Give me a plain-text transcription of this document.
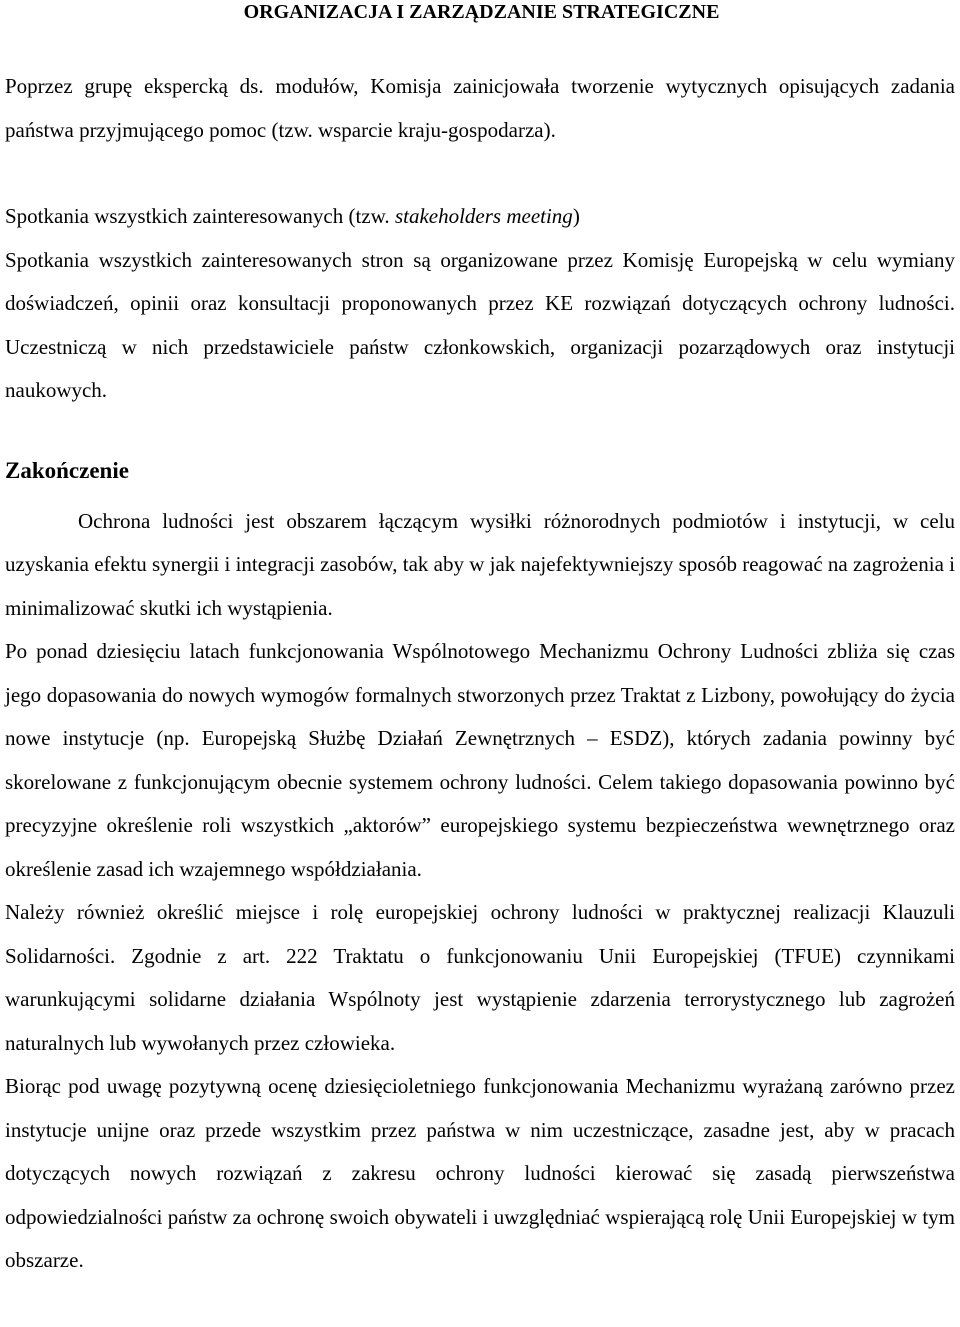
ORGANIZACJA I ZARZĄDZANIE STRATEGICZNE

Poprzez grupę ekspercką ds. modułów, Komisja zainicjowała tworzenie wytycznych opisujących zadania państwa przyjmującego pomoc (tzw. wsparcie kraju-gospodarza).

Spotkania wszystkich zainteresowanych (tzw. stakeholders meeting)

Spotkania wszystkich zainteresowanych stron są organizowane przez Komisję Europejską w celu wymiany doświadczeń, opinii oraz konsultacji proponowanych przez KE rozwiązań dotyczących ochrony ludności. Uczestniczą w nich przedstawiciele państw członkowskich, organizacji pozarządowych oraz instytucji naukowych.

Zakończenie

Ochrona ludności jest obszarem łączącym wysiłki różnorodnych podmiotów i instytucji, w celu uzyskania efektu synergii i integracji zasobów, tak aby w jak najefektywniejszy sposób reagować na zagrożenia i minimalizować skutki ich wystąpienia.

Po ponad dziesięciu latach funkcjonowania Wspólnotowego Mechanizmu Ochrony Ludności zbliża się czas jego dopasowania do nowych wymogów formalnych stworzonych przez Traktat z Lizbony, powołujący do życia nowe instytucje (np. Europejską Służbę Działań Zewnętrznych – ESDZ), których zadania powinny być skorelowane z funkcjonującym obecnie systemem ochrony ludności. Celem takiego dopasowania powinno być precyzyjne określenie roli wszystkich „aktorów” europejskiego systemu bezpieczeństwa wewnętrznego oraz określenie zasad ich wzajemnego współdziałania.

Należy również określić miejsce i rolę europejskiej ochrony ludności w praktycznej realizacji Klauzuli Solidarności. Zgodnie z art. 222 Traktatu o funkcjonowaniu Unii Europejskiej (TFUE) czynnikami warunkującymi solidarne działania Wspólnoty jest wystąpienie zdarzenia terrorystycznego lub zagrożeń naturalnych lub wywołanych przez człowieka.

Biorąc pod uwagę pozytywną ocenę dziesięcioletniego funkcjonowania Mechanizmu wyrażaną zarówno przez instytucje unijne oraz przede wszystkim przez państwa w nim uczestniczące, zasadne jest, aby w pracach dotyczących nowych rozwiązań z zakresu ochrony ludności kierować się zasadą pierwszeństwa odpowiedzialności państw za ochronę swoich obywateli i uwzględniać wspierającą rolę Unii Europejskiej w tym obszarze.
